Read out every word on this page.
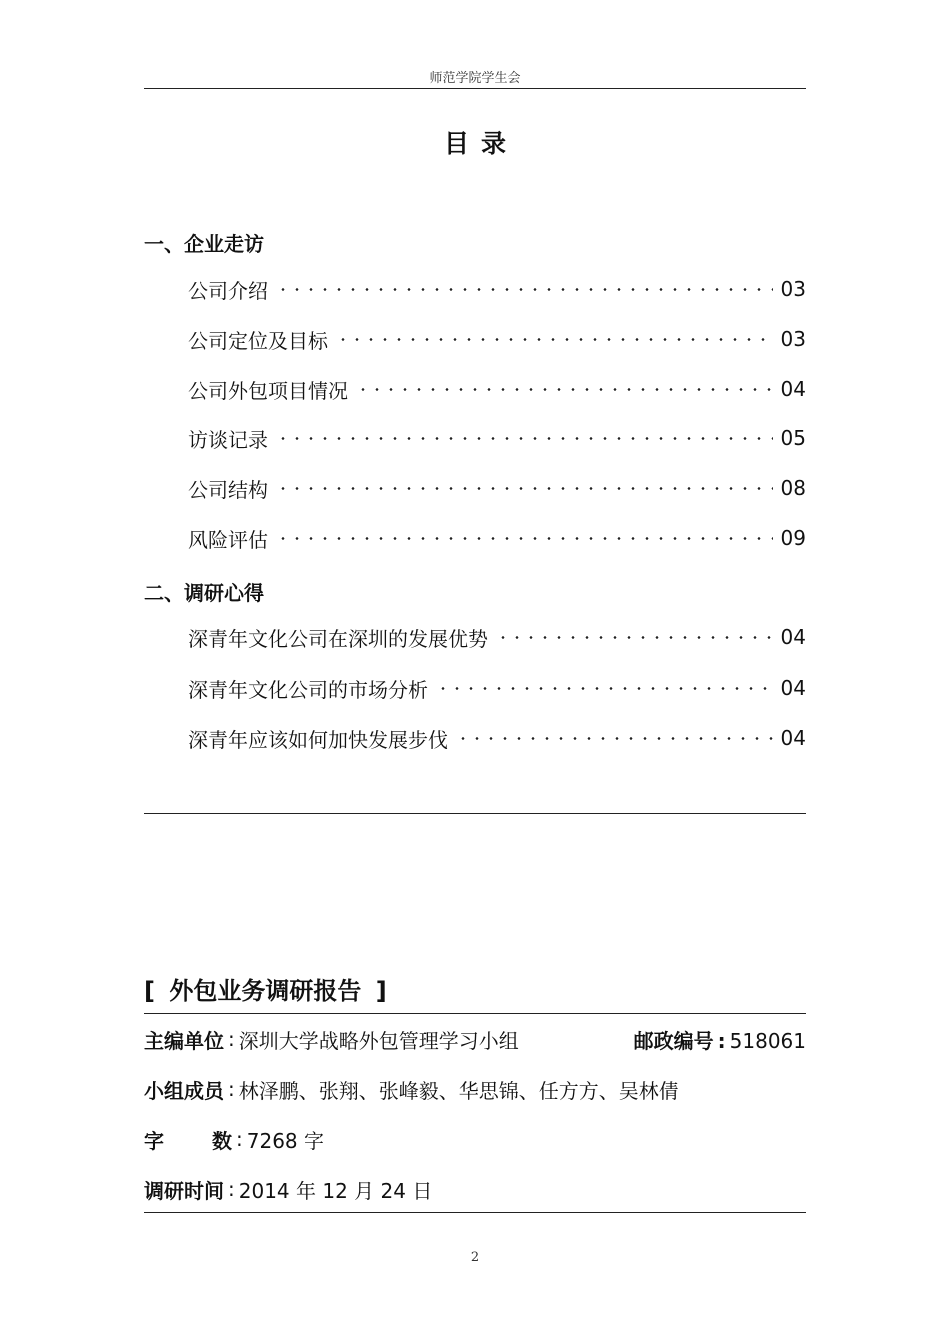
师范学院学生会
目录
一、企业走访
公司介绍	03
公司定位及目标	03
公司外包项目情况	04
访谈记录	05
公司结构	08
风险评估	09
二、调研心得
深青年文化公司在深圳的发展优势	04
深青年文化公司的市场分析	04
深青年应该如何加快发展步伐	04
[ 外包业务调研报告 ]
主编单位 : 深圳大学战略外包管理学习小组	邮政编号 : 518061
小组成员 : 林泽鹏、张翔、张峰毅、华思锦、任方方、吴林倩
字数 : 7268 字
调研时间 : 2014 年 12 月 24 日
2
